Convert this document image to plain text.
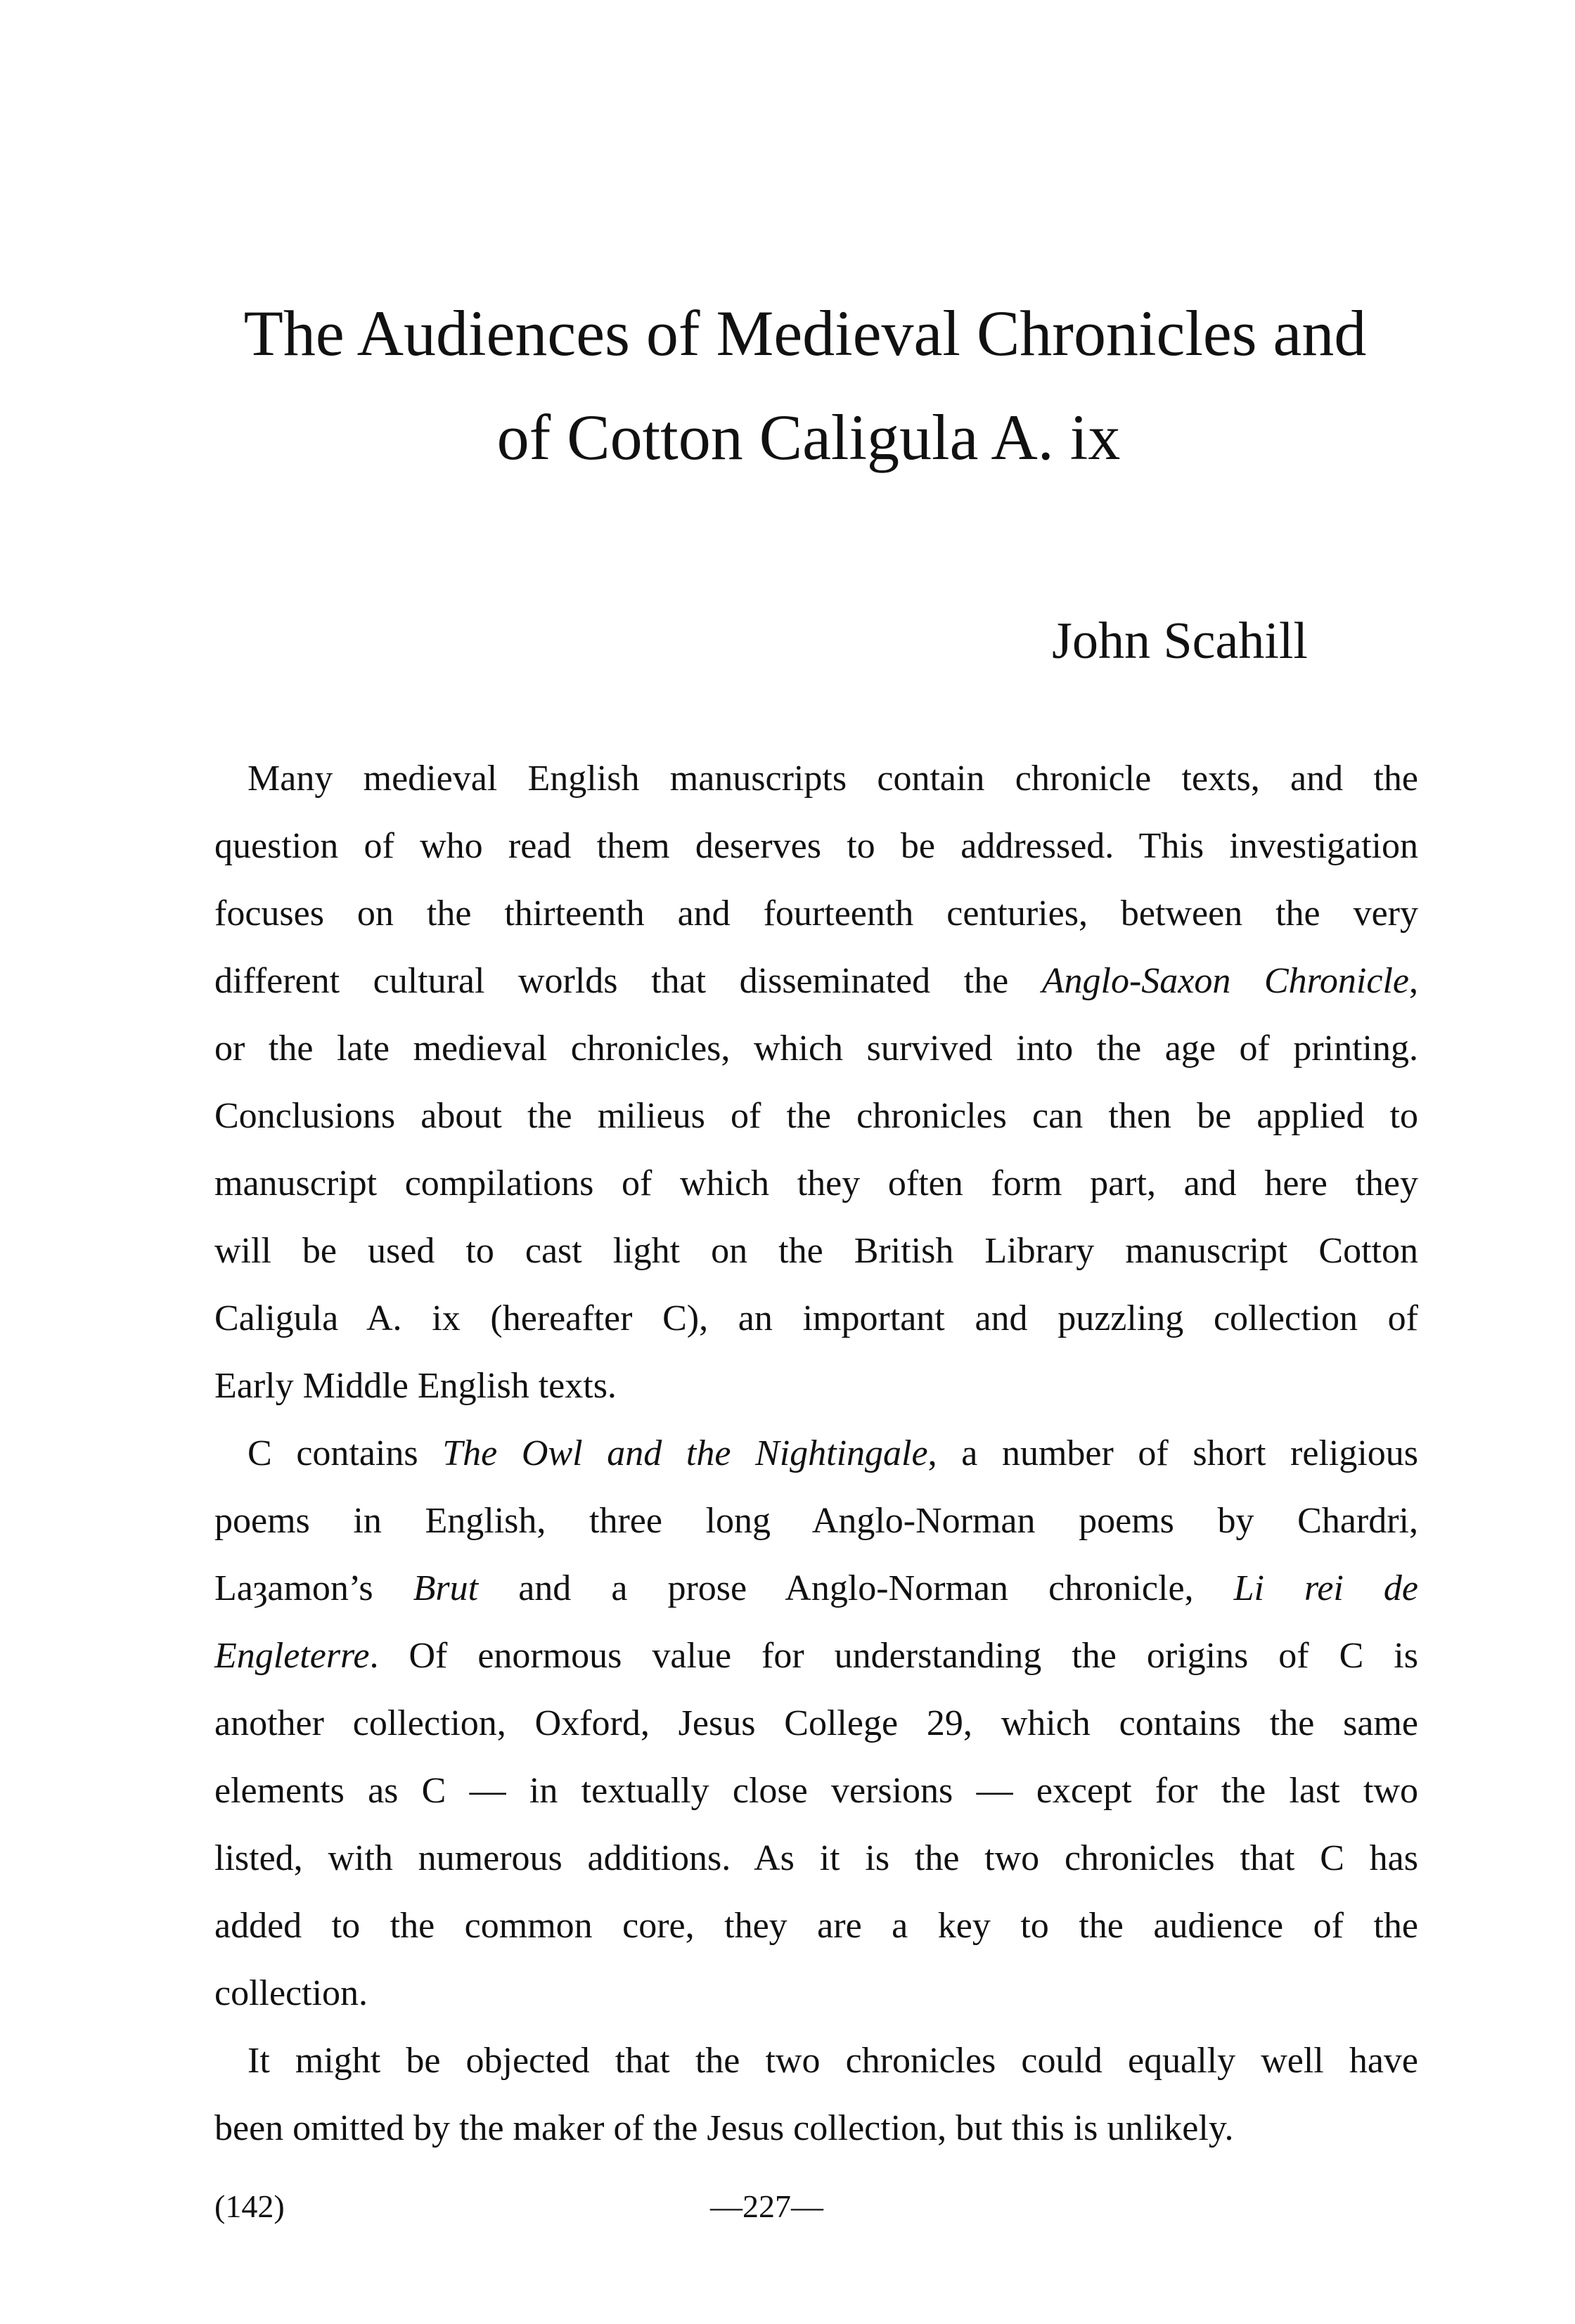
The Audiences of Medieval Chronicles and
of Cotton Caligula A. ix
John Scahill
Many medieval English manuscripts contain chronicle texts, and the
question of who read them deserves to be addressed. This investigation
focuses on the thirteenth and fourteenth centuries, between the very
different cultural worlds that disseminated the Anglo-Saxon Chronicle,
or the late medieval chronicles, which survived into the age of printing.
Conclusions about the milieus of the chronicles can then be applied to
manuscript compilations of which they often form part, and here they
will be used to cast light on the British Library manuscript Cotton
Caligula A. ix (hereafter C), an important and puzzling collection of
Early Middle English texts.
C contains The Owl and the Nightingale, a number of short religious
poems in English, three long Anglo-Norman poems by Chardri,
Laȝamon’s Brut and a prose Anglo-Norman chronicle, Li rei de
Engleterre. Of enormous value for understanding the origins of C is
another collection, Oxford, Jesus College 29, which contains the same
elements as C — in textually close versions — except for the last two
listed, with numerous additions. As it is the two chronicles that C has
added to the common core, they are a key to the audience of the
collection.
It might be objected that the two chronicles could equally well have
been omitted by the maker of the Jesus collection, but this is unlikely.
(142)	—227—
